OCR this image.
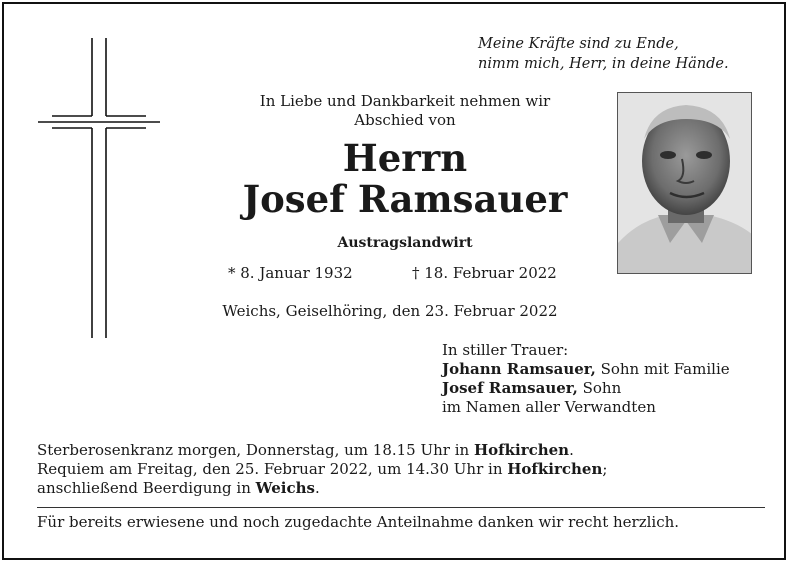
Meine Kräfte sind zu Ende,
nimm mich, Herr, in deine Hände.
In Liebe und Dankbarkeit nehmen wir
Abschied von
Herrn
Josef Ramsauer
Austragslandwirt
* 8. Januar 1932	† 18. Februar 2022
Weichs, Geiselhöring, den 23. Februar 2022
In stiller Trauer:
Johann Ramsauer, Sohn mit Familie
Josef Ramsauer, Sohn
im Namen aller Verwandten
Sterberosenkranz morgen, Donnerstag, um 18.15 Uhr in Hofkirchen.
Requiem am Freitag, den 25. Februar 2022, um 14.30 Uhr in Hofkirchen;
anschließend Beerdigung in Weichs.
Für bereits erwiesene und noch zugedachte Anteilnahme danken wir recht herzlich.
